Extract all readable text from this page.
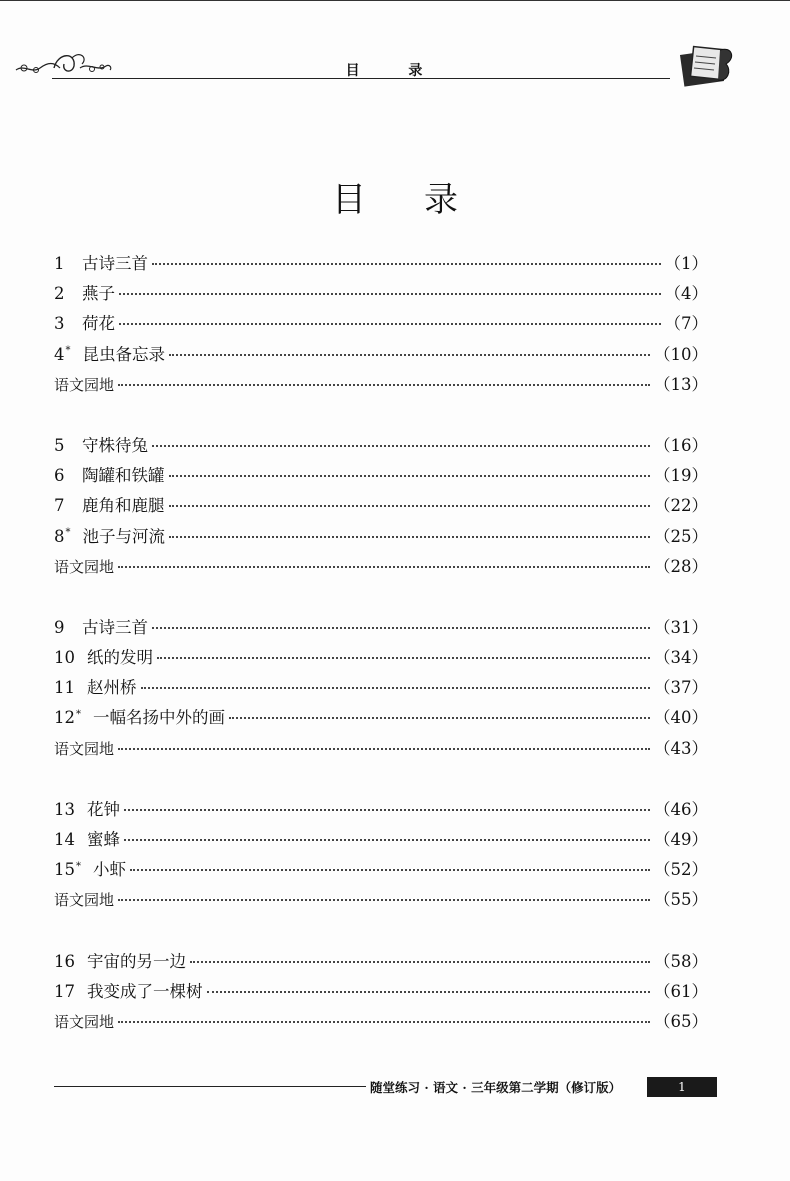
目 录
目录
1	古诗三首	（1）
2	燕子	（4）
3	荷花	（7）
4* 昆虫备忘录	（10）
语文园地	（13）
5	守株待兔	（16）
6	陶罐和铁罐	（19）
7	鹿角和鹿腿	（22）
8* 池子与河流	（25）
语文园地	（28）
9	古诗三首	（31）
10 纸的发明	（34）
11 赵州桥	（37）
12* 一幅名扬中外的画	（40）
语文园地	（43）
13 花钟	（46）
14 蜜蜂	（49）
15* 小虾	（52）
语文园地	（55）
16 宇宙的另一边	（58）
17 我变成了一棵树	（61）
语文园地	（65）
随堂练习 · 语文 · 三年级第二学期（修订版）	1
